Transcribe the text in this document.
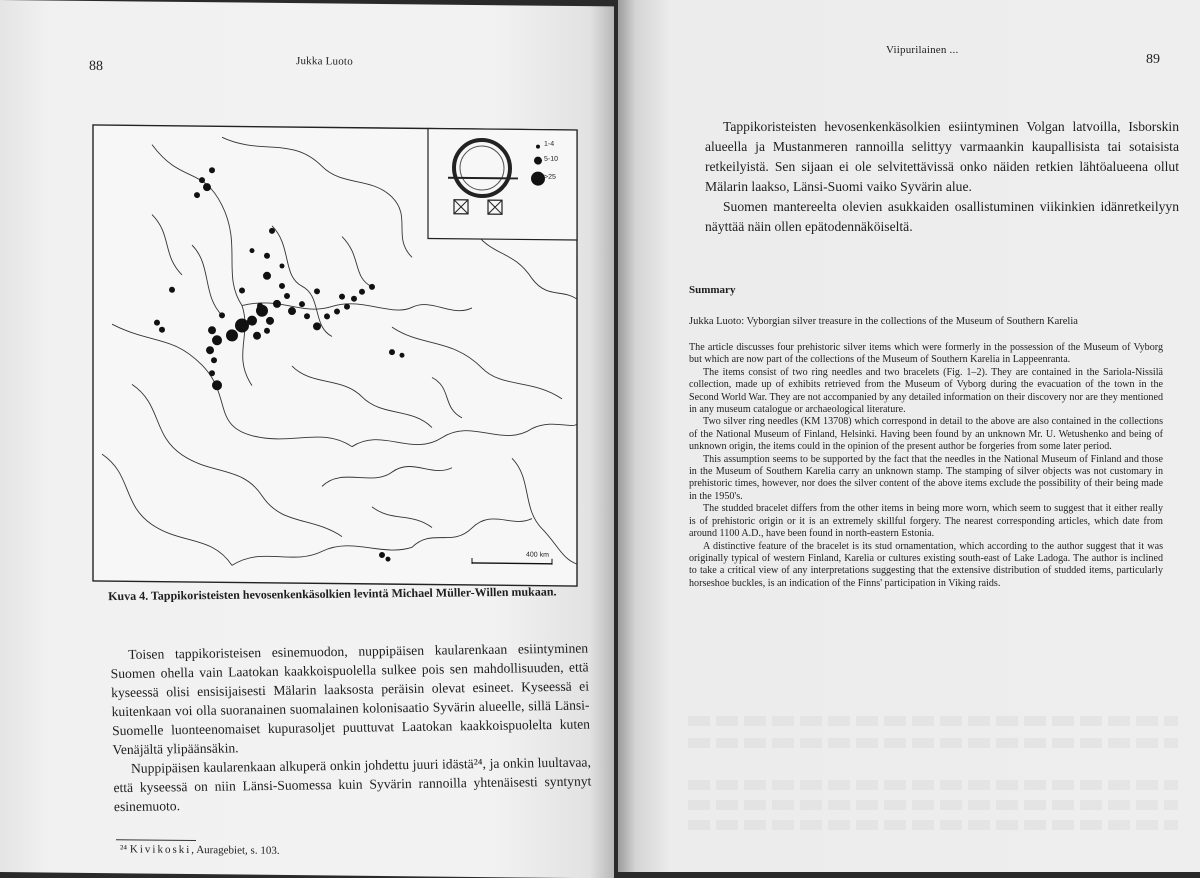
88	Jukka Luoto
1-4
5-10
>25
400 km
Kuva 4. Tappikoristeisten hevosenkenkäsolkien levintä Michael Müller-Willen mukaan.

Toisen tappikoristeisen esinemuodon, nuppipäisen kaularenkaan esiintyminen Suomen ohella vain Laatokan kaakkoispuolella sulkee pois sen mahdollisuuden, että kyseessä olisi ensisijaisesti Mälarin laaksosta peräisin olevat esineet. Kyseessä ei kuitenkaan voi olla suoranainen suomalainen kolonisaatio Syvärin alueelle, sillä Länsi-Suomelle luonteenomaiset kupurasoljet puuttuvat Laatokan kaakkoispuolelta kuten Venäjältä ylipäänsäkin.

Nuppipäisen kaularenkaan alkuperä onkin johdettu juuri idästä²⁴, ja onkin luultavaa, että kyseessä on niin Länsi-Suomessa kuin Syvärin rannoilla yhtenäisesti syntynyt esinemuoto.

²⁴ Kivikoski, Auragebiet, s. 103.
Viipurilainen ...
89

Tappikoristeisten hevosenkenkäsolkien esiintyminen Volgan latvoilla, Isborskin alueella ja Mustanmeren rannoilla selittyy varmaankin kaupallisista tai sotaisista retkeilyistä. Sen sijaan ei ole selvitettävissä onko näiden retkien lähtöalueena ollut Mälarin laakso, Länsi-Suomi vaiko Syvärin alue.

Suomen mantereelta olevien asukkaiden osallistuminen viikinkien idänretkeilyyn näyttää näin ollen epätodennäköiseltä.

Summary
Jukka Luoto: Vyborgian silver treasure in the collections of the Museum of Southern Karelia

The article discusses four prehistoric silver items which were formerly in the possession of the Museum of Vyborg but which are now part of the collections of the Museum of Southern Karelia in Lappeenranta.

The items consist of two ring needles and two bracelets (Fig. 1–2). They are contained in the Sariola-Nissilä collection, made up of exhibits retrieved from the Museum of Vyborg during the evacuation of the town in the Second World War. They are not accompanied by any detailed information on their discovery nor are they mentioned in any museum catalogue or archaeological literature.

Two silver ring needles (KM 13708) which correspond in detail to the above are also contained in the collections of the National Museum of Finland, Helsinki. Having been found by an unknown Mr. U. Wetushenko and being of unknown origin, the items could in the opinion of the present author be forgeries from some later period.

This assumption seems to be supported by the fact that the needles in the National Museum of Finland and those in the Museum of Southern Karelia carry an unknown stamp. The stamping of silver objects was not customary in prehistoric times, however, nor does the silver content of the above items exclude the possibility of their being made in the 1950's.

The studded bracelet differs from the other items in being more worn, which seem to suggest that it either really is of prehistoric origin or it is an extremely skillful forgery. The nearest corresponding articles, which date from around 1100 A.D., have been found in north-eastern Estonia.

A distinctive feature of the bracelet is its stud ornamentation, which according to the author suggest that it was originally typical of western Finland, Karelia or cultures existing south-east of Lake Ladoga. The author is inclined to take a critical view of any interpretations suggesting that the extensive distribution of studded items, particularly horseshoe buckles, is an indication of the Finns' participation in Viking raids.
